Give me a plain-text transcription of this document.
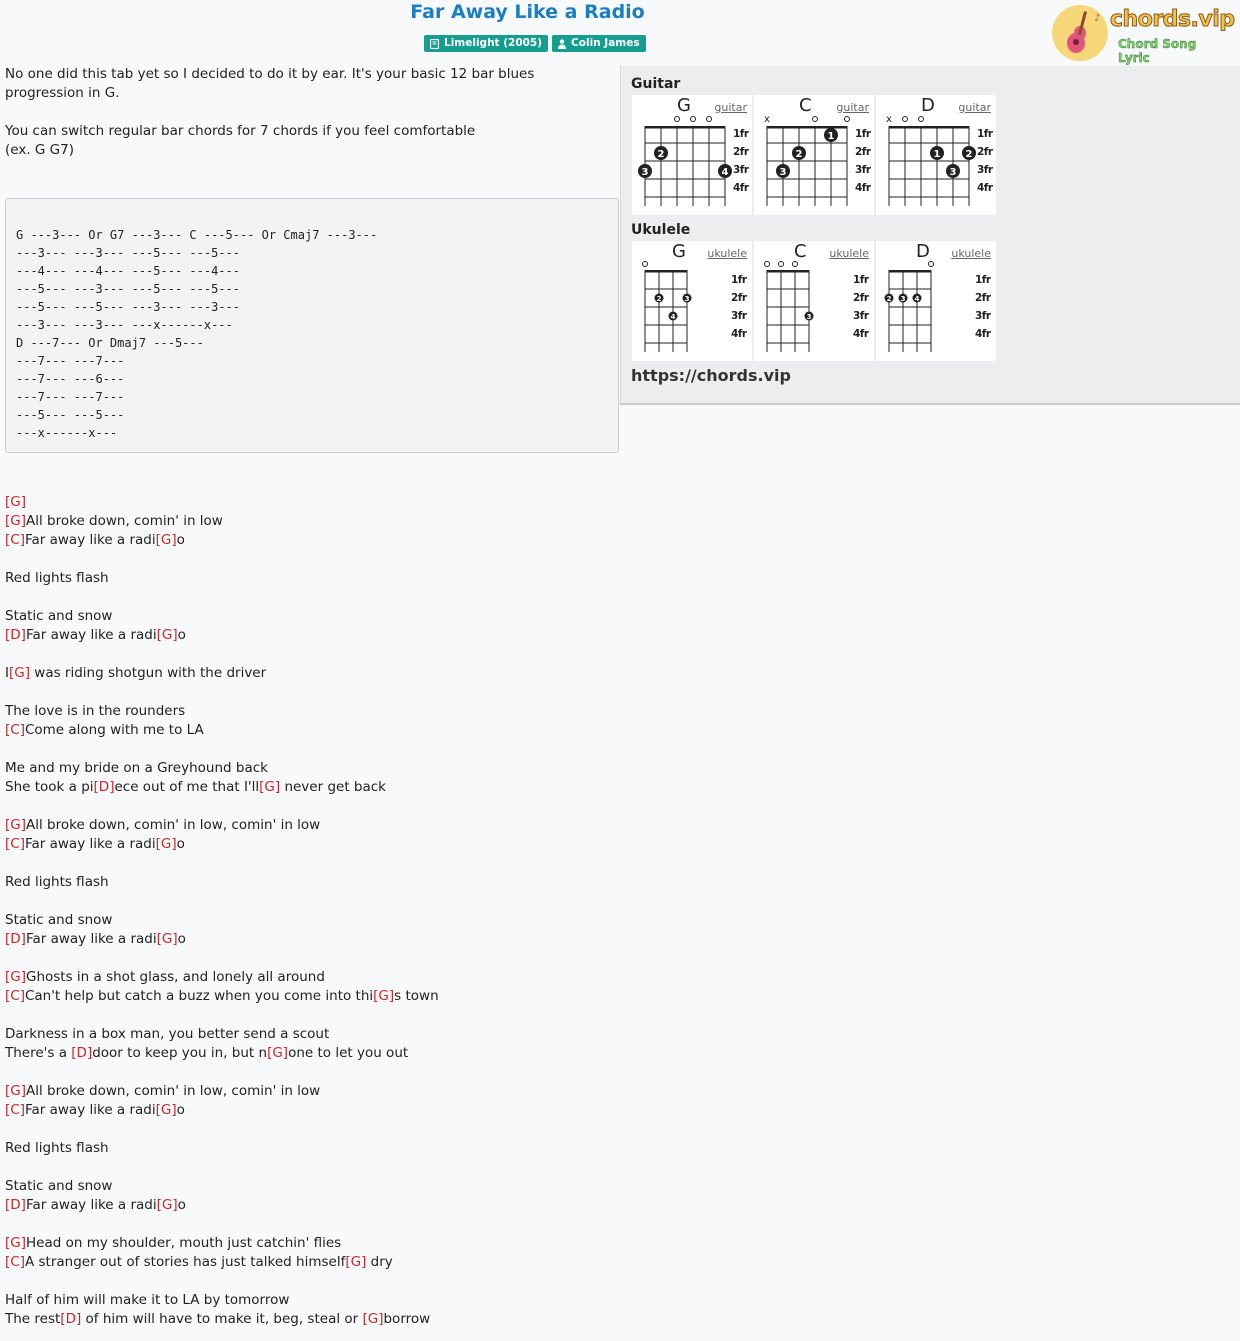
Far Away Like a Radio
Limelight (2005)	Colin James
♪ chords.vip
Chord Song Lyric

No one did this tab yet so I decided to do it by ear. It's your basic 12 bar blues progression in G.

You can switch regular bar chords for 7 chords if you feel comfortable
(ex. G G7)

G ---3--- Or G7 ---3--- C ---5--- Or Cmaj7 ---3---
---3--- ---3--- ---5--- ---5---
---4--- ---4--- ---5--- ---4---
---5--- ---3--- ---5--- ---5---
---5--- ---5--- ---3--- ---3---
---3--- ---3--- ---x------x---
D ---7--- Or Dmaj7 ---5---
---7--- ---7---
---7--- ---6---
---7--- ---7---
---5--- ---5---
---x------x---
Guitar
2
3	4
G guitar
1fr
2fr
3fr
4fr
x
1
2
3
C guitar
1fr
2fr
3fr
4fr
x
1	2
3
D guitar
1fr
2fr
3fr
4fr
Ukulele
2	3
4
G ukulele
1fr
2fr
3fr
4fr
3
C ukulele
1fr
2fr
3fr
4fr
2 3 4
D ukulele
1fr
2fr
3fr
4fr
https://chords.vip
[G]
[G]All broke down, comin' in low
[C]Far away like a radi[G]o
Red lights flash
Static and snow
[D]Far away like a radi[G]o
I[G] was riding shotgun with the driver
The love is in the rounders
[C]Come along with me to LA
Me and my bride on a Greyhound back
She took a pi[D]ece out of me that I'll[G] never get back
[G]All broke down, comin' in low, comin' in low
[C]Far away like a radi[G]o
Red lights flash
Static and snow
[D]Far away like a radi[G]o
[G]Ghosts in a shot glass, and lonely all around
[C]Can't help but catch a buzz when you come into thi[G]s town
Darkness in a box man, you better send a scout
There's a [D]door to keep you in, but n[G]one to let you out
[G]All broke down, comin' in low, comin' in low
[C]Far away like a radi[G]o
Red lights flash
Static and snow
[D]Far away like a radi[G]o
[G]Head on my shoulder, mouth just catchin' flies
[C]A stranger out of stories has just talked himself[G] dry
Half of him will make it to LA by tomorrow
The rest[D] of him will have to make it, beg, steal or [G]borrow
